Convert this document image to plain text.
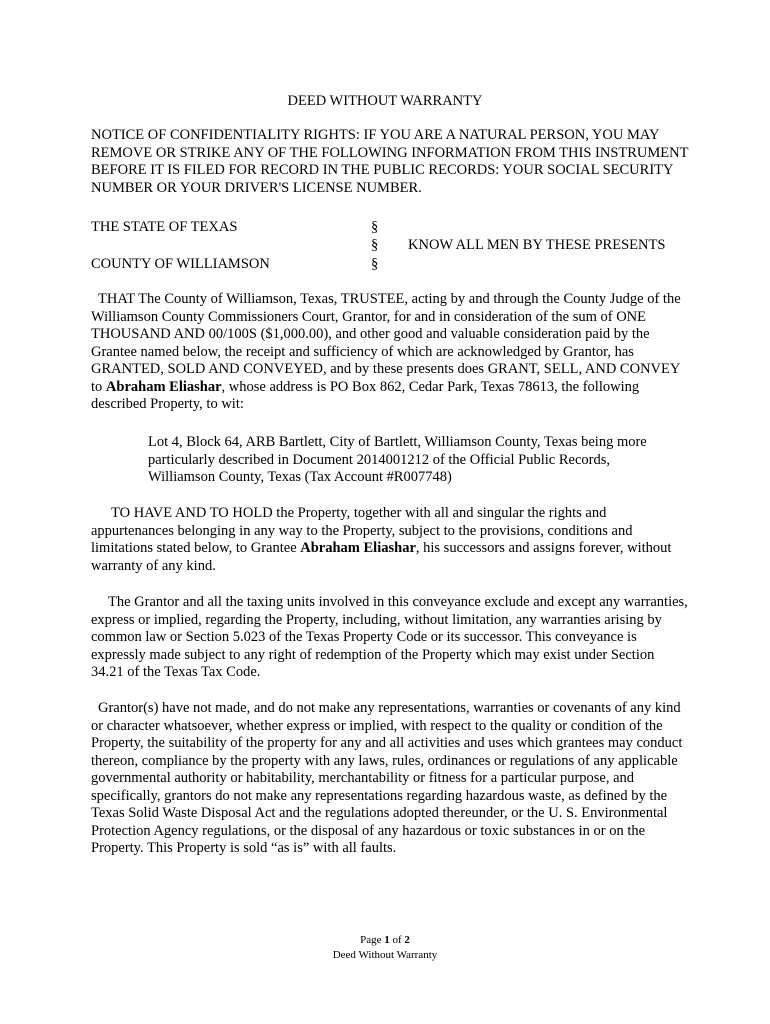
DEED WITHOUT WARRANTY

NOTICE OF CONFIDENTIALITY RIGHTS: IF YOU ARE A NATURAL PERSON, YOU MAY REMOVE OR STRIKE ANY OF THE FOLLOWING INFORMATION FROM THIS INSTRUMENT BEFORE IT IS FILED FOR RECORD IN THE PUBLIC RECORDS: YOUR SOCIAL SECURITY NUMBER OR YOUR DRIVER'S LICENSE NUMBER.

THE STATE OF TEXAS	§
§ KNOW ALL MEN BY THESE PRESENTS
COUNTY OF WILLIAMSON	§

THAT The County of Williamson, Texas, TRUSTEE, acting by and through the County Judge of the Williamson County Commissioners Court, Grantor, for and in consideration of the sum of ONE THOUSAND AND 00/100S ($1,000.00), and other good and valuable consideration paid by the Grantee named below, the receipt and sufficiency of which are acknowledged by Grantor, has GRANTED, SOLD AND CONVEYED, and by these presents does GRANT, SELL, AND CONVEY to Abraham Eliashar, whose address is PO Box 862, Cedar Park, Texas 78613, the following described Property, to wit:

Lot 4, Block 64, ARB Bartlett, City of Bartlett, Williamson County, Texas being more particularly described in Document 2014001212 of the Official Public Records, Williamson County, Texas (Tax Account #R007748)

TO HAVE AND TO HOLD the Property, together with all and singular the rights and appurtenances belonging in any way to the Property, subject to the provisions, conditions and limitations stated below, to Grantee Abraham Eliashar, his successors and assigns forever, without warranty of any kind.

The Grantor and all the taxing units involved in this conveyance exclude and except any warranties, express or implied, regarding the Property, including, without limitation, any warranties arising by common law or Section 5.023 of the Texas Property Code or its successor. This conveyance is expressly made subject to any right of redemption of the Property which may exist under Section 34.21 of the Texas Tax Code.

Grantor(s) have not made, and do not make any representations, warranties or covenants of any kind or character whatsoever, whether express or implied, with respect to the quality or condition of the Property, the suitability of the property for any and all activities and uses which grantees may conduct thereon, compliance by the property with any laws, rules, ordinances or regulations of any applicable governmental authority or habitability, merchantability or fitness for a particular purpose, and specifically, grantors do not make any representations regarding hazardous waste, as defined by the Texas Solid Waste Disposal Act and the regulations adopted thereunder, or the U. S. Environmental Protection Agency regulations, or the disposal of any hazardous or toxic substances in or on the Property. This Property is sold “as is” with all faults.

Page 1 of 2
Deed Without Warranty
